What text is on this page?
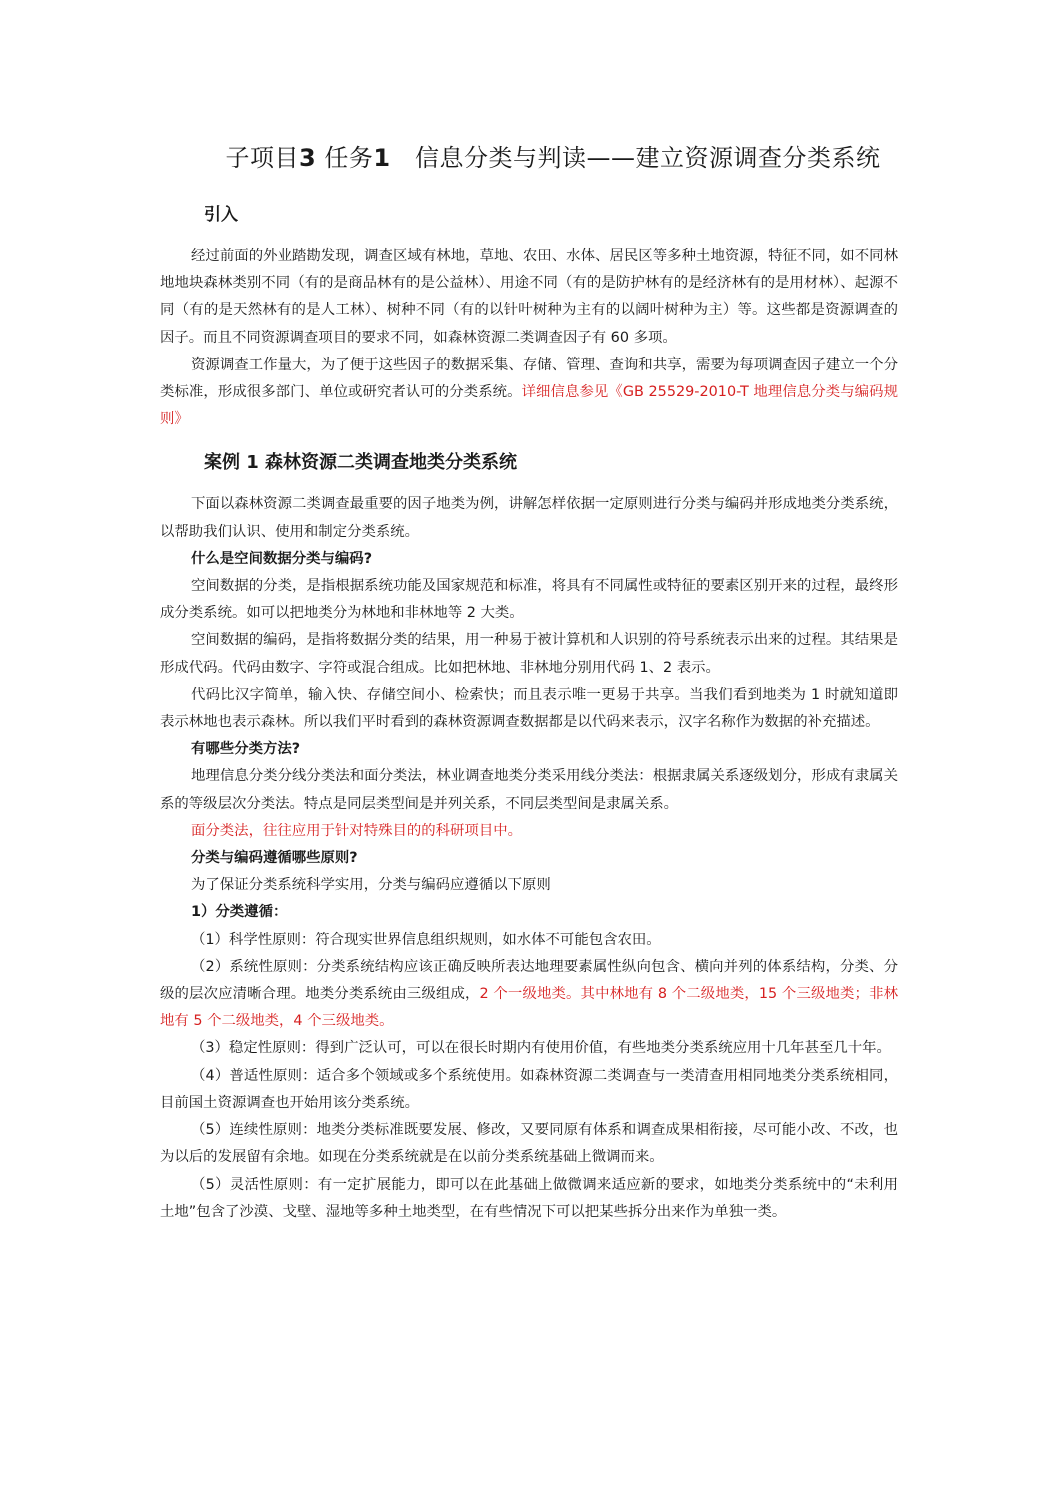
子项目3 任务1 信息分类与判读——建立资源调查分类系统
引入

经过前面的外业踏勘发现，调查区域有林地，草地、农田、水体、居民区等多种土地资源，特征不同，如不同林地地块森林类别不同（有的是商品林有的是公益林）、用途不同（有的是防护林有的是经济林有的是用材林）、起源不同（有的是天然林有的是人工林）、树种不同（有的以针叶树种为主有的以阔叶树种为主）等。这些都是资源调查的因子。而且不同资源调查项目的要求不同，如森林资源二类调查因子有 60 多项。

资源调查工作量大，为了便于这些因子的数据采集、存储、管理、查询和共享，需要为每项调查因子建立一个分类标准，形成很多部门、单位或研究者认可的分类系统。详细信息参见《GB 25529-2010-T 地理信息分类与编码规则》

案例 1 森林资源二类调查地类分类系统

下面以森林资源二类调查最重要的因子地类为例，讲解怎样依据一定原则进行分类与编码并形成地类分类系统，以帮助我们认识、使用和制定分类系统。

什么是空间数据分类与编码?

空间数据的分类，是指根据系统功能及国家规范和标准，将具有不同属性或特征的要素区别开来的过程，最终形成分类系统。如可以把地类分为林地和非林地等 2 大类。

空间数据的编码，是指将数据分类的结果，用一种易于被计算机和人识别的符号系统表示出来的过程。其结果是形成代码。代码由数字、字符或混合组成。比如把林地、非林地分别用代码 1、2 表示。

代码比汉字简单，输入快、存储空间小、检索快；而且表示唯一更易于共享。当我们看到地类为 1 时就知道即表示林地也表示森林。所以我们平时看到的森林资源调查数据都是以代码来表示，汉字名称作为数据的补充描述。

有哪些分类方法?

地理信息分类分线分类法和面分类法，林业调查地类分类采用线分类法：根据隶属关系逐级划分，形成有隶属关系的等级层次分类法。特点是同层类型间是并列关系，不同层类型间是隶属关系。

面分类法，往往应用于针对特殊目的的科研项目中。

分类与编码遵循哪些原则?

为了保证分类系统科学实用，分类与编码应遵循以下原则

1）分类遵循：

（1）科学性原则：符合现实世界信息组织规则，如水体不可能包含农田。

（2）系统性原则：分类系统结构应该正确反映所表达地理要素属性纵向包含、横向并列的体系结构，分类、分级的层次应清晰合理。地类分类系统由三级组成，2 个一级地类。其中林地有 8 个二级地类，15 个三级地类；非林地有 5 个二级地类，4 个三级地类。

（3）稳定性原则：得到广泛认可，可以在很长时期内有使用价值，有些地类分类系统应用十几年甚至几十年。

（4）普适性原则：适合多个领域或多个系统使用。如森林资源二类调查与一类清查用相同地类分类系统相同，目前国土资源调查也开始用该分类系统。

（5）连续性原则：地类分类标准既要发展、修改，又要同原有体系和调查成果相衔接，尽可能小改、不改，也为以后的发展留有余地。如现在分类系统就是在以前分类系统基础上微调而来。

（5）灵活性原则：有一定扩展能力，即可以在此基础上做微调来适应新的要求，如地类分类系统中的“未利用土地”包含了沙漠、戈壁、湿地等多种土地类型，在有些情况下可以把某些拆分出来作为单独一类。
